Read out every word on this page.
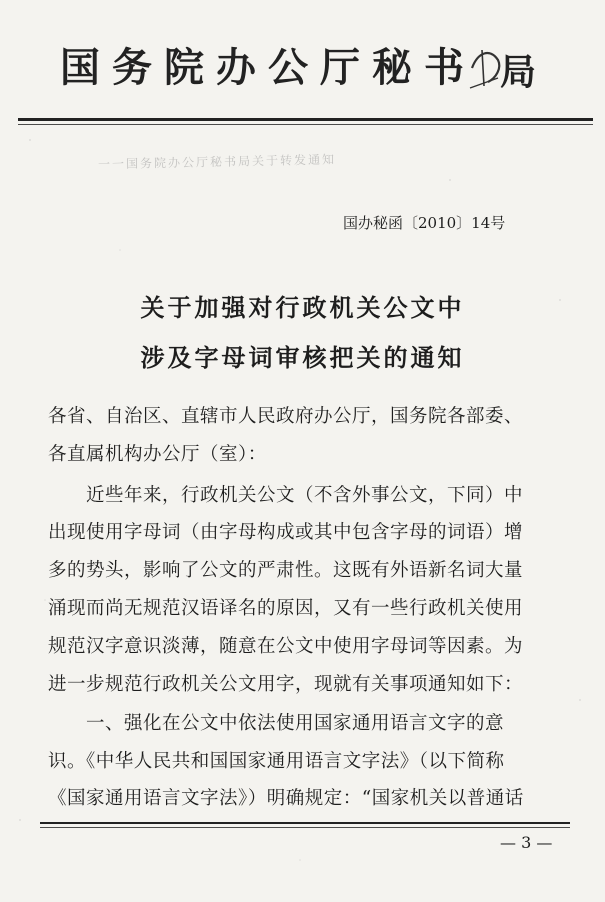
国务院办公厅秘书 局
一一国务院办公厅秘书局关于转发通知
国办秘函〔2010〕14号
关于加强对行政机关公文中
涉及字母词审核把关的通知
各省、自治区、直辖市人民政府办公厅，国务院各部委、
各直属机构办公厅（室）：
　　近些年来，行政机关公文（不含外事公文，下同）中
出现使用字母词（由字母构成或其中包含字母的词语）增
多的势头，影响了公文的严肃性。这既有外语新名词大量
涌现而尚无规范汉语译名的原因，又有一些行政机关使用
规范汉字意识淡薄，随意在公文中使用字母词等因素。为
进一步规范行政机关公文用字，现就有关事项通知如下：
　　一、强化在公文中依法使用国家通用语言文字的意
识。《中华人民共和国国家通用语言文字法》（以下简称
《国家通用语言文字法》）明确规定：“国家机关以普通话
— 3 —
